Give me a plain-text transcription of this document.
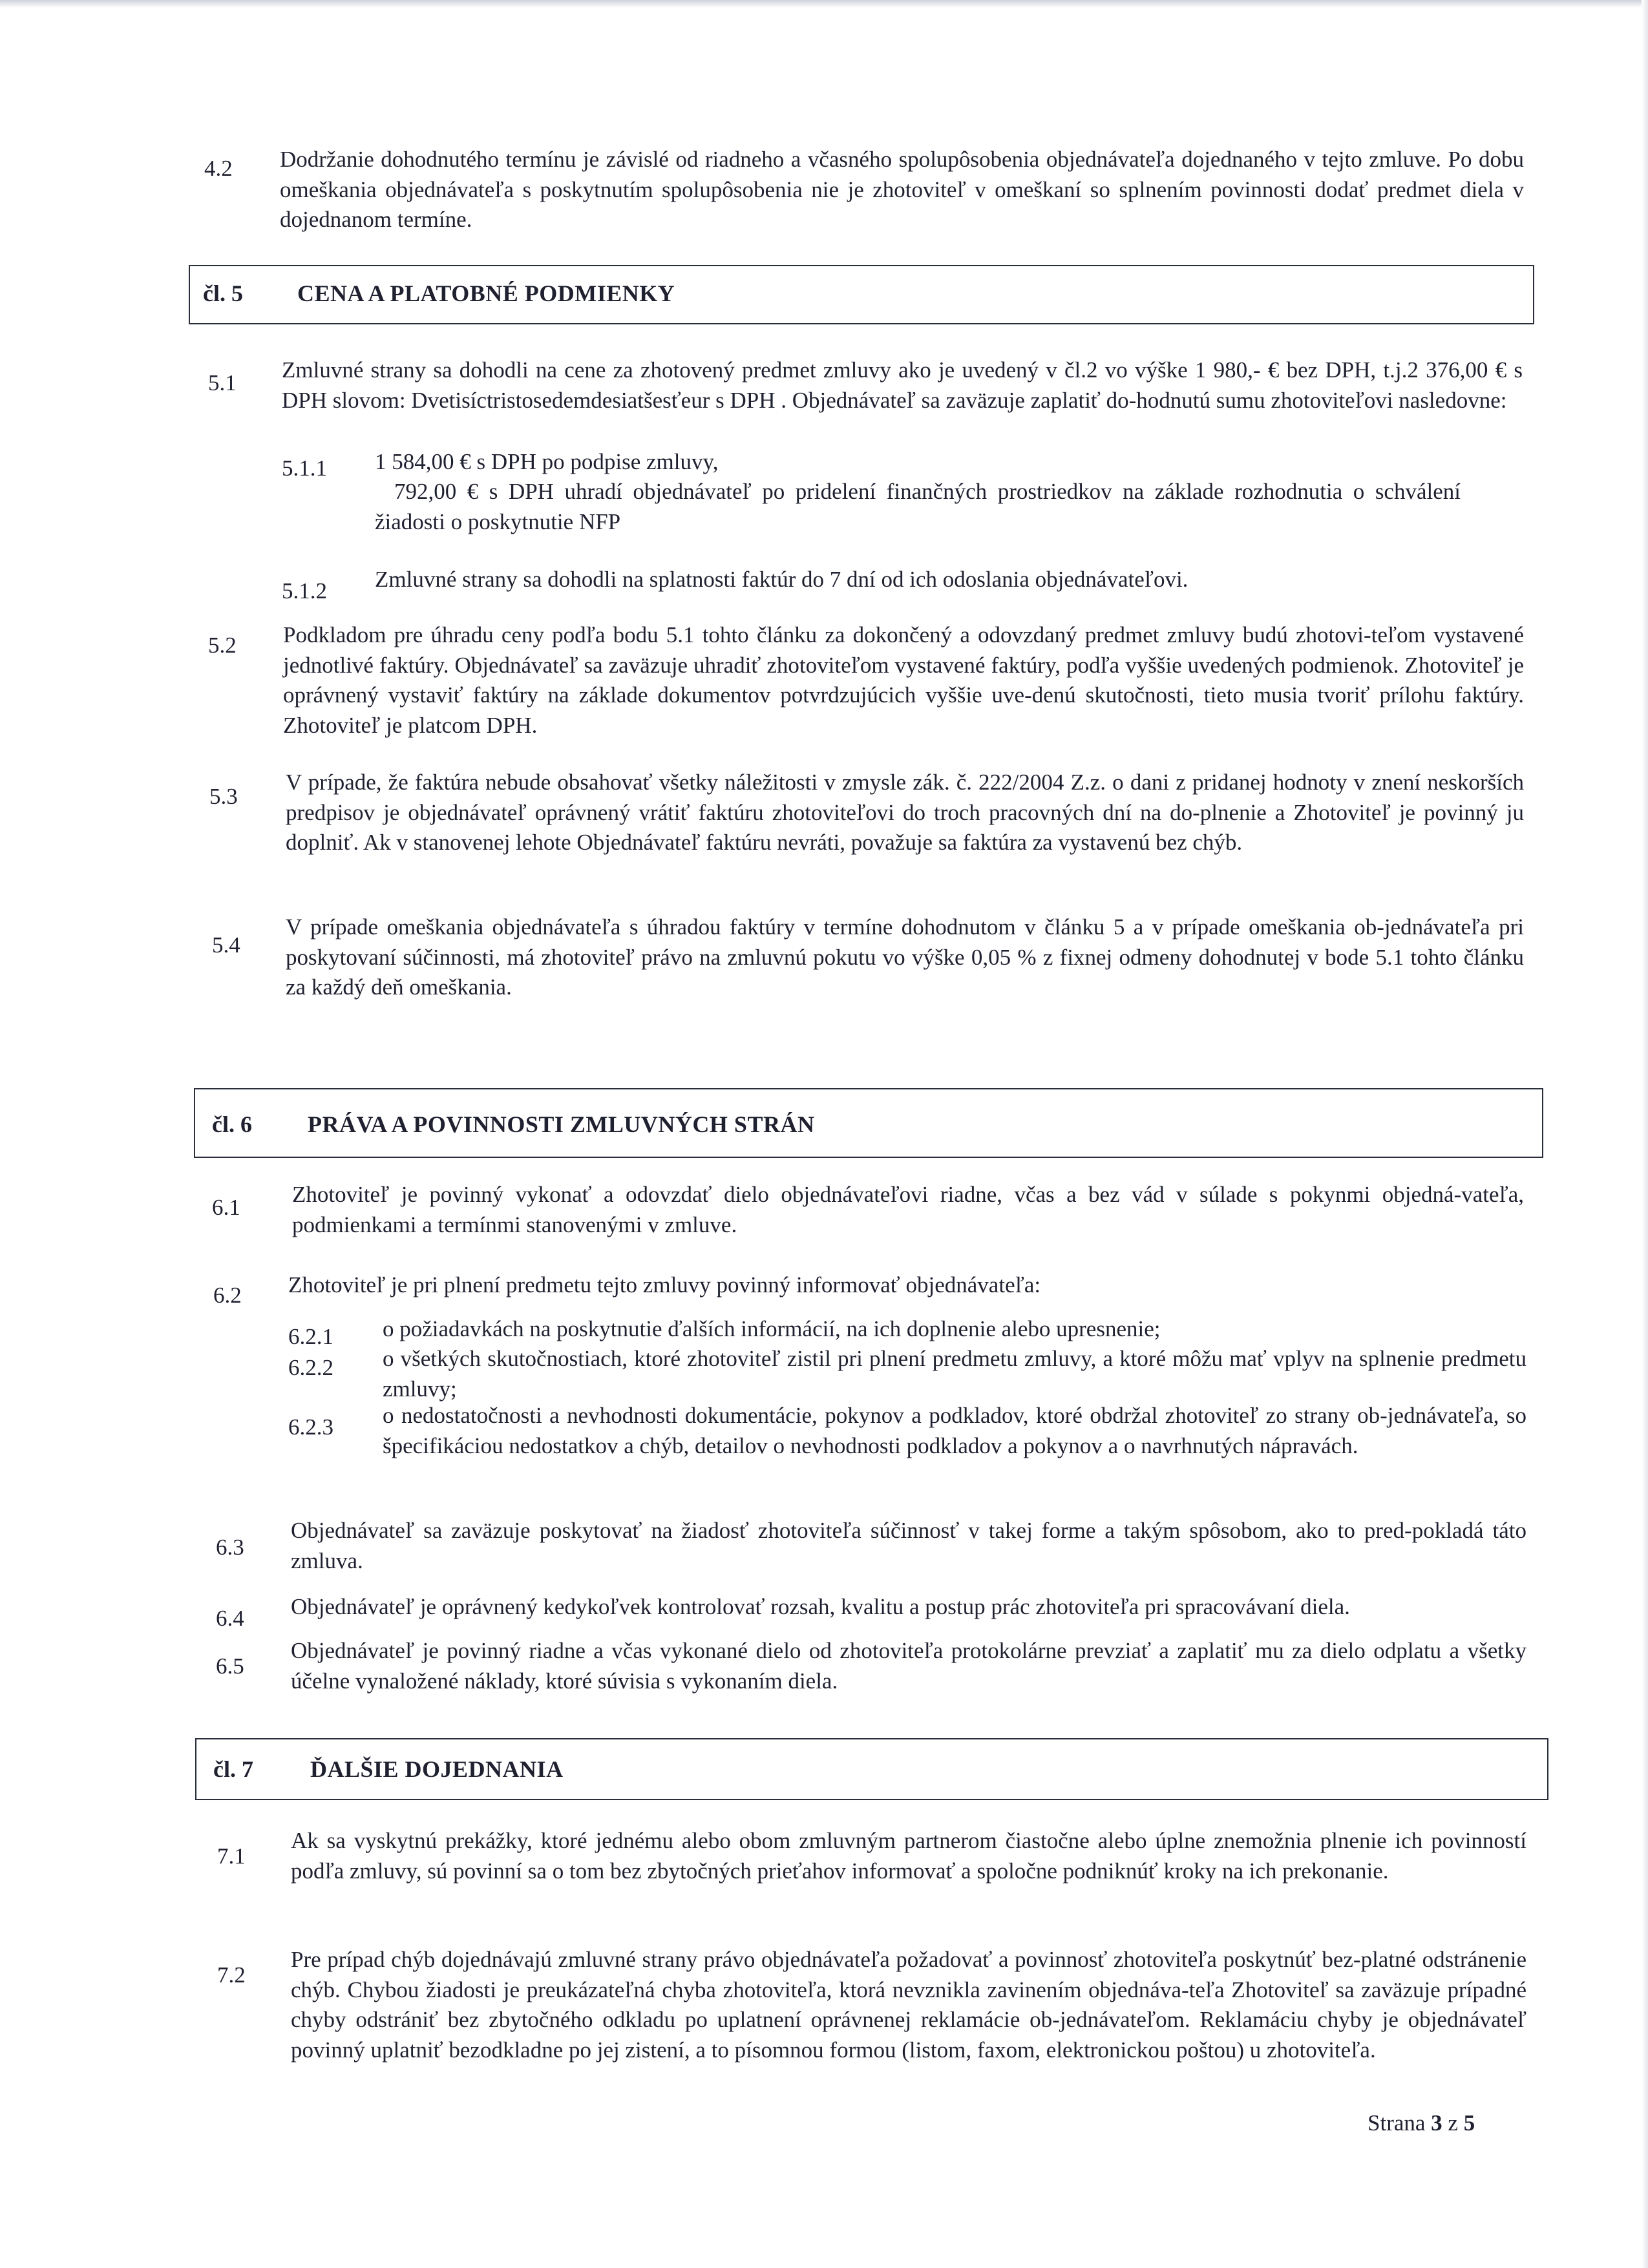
4.2 Dodržanie dohodnutého termínu je závislé od riadneho a včasného spolupôsobenia objednávateľa dojednaného v tejto zmluve. Po dobu omeškania objednávateľa s poskytnutím spolupôsobenia nie je zhotoviteľ v omeškaní so splnením povinnosti dodať predmet diela v dojednanom termíne.
čl. 5 CENA A PLATOBNÉ PODMIENKY
5.1
Zmluvné strany sa dohodli na cene za zhotovený predmet zmluvy ako je uvedený v čl.2 vo výške 1 980,- € bez DPH, t.j.2 376,00 € s DPH slovom: Dvetisíctristosedemdesiatšesťeur s DPH . Objednávateľ sa zaväzuje zaplatiť do-hodnutú sumu zhotoviteľovi nasledovne:
5.1.1 1 584,00 € s DPH po podpise zmluvy,
792,00 € s DPH uhradí objednávateľ po pridelení finančných prostriedkov na základe rozhodnutia o schválení žiadosti o poskytnutie NFP
5.1.2 Zmluvné strany sa dohodli na splatnosti faktúr do 7 dní od ich odoslania objednávateľovi.
5.2 Podkladom pre úhradu ceny podľa bodu 5.1 tohto článku za dokončený a odovzdaný predmet zmluvy budú zhotovi-teľom vystavené jednotlivé faktúry. Objednávateľ sa zaväzuje uhradiť zhotoviteľom vystavené faktúry, podľa vyššie uvedených podmienok. Zhotoviteľ je oprávnený vystaviť faktúry na základe dokumentov potvrdzujúcich vyššie uve-denú skutočnosti, tieto musia tvoriť prílohu faktúry. Zhotoviteľ je platcom DPH.
5.3
V prípade, že faktúra nebude obsahovať všetky náležitosti v zmysle zák. č. 222/2004 Z.z. o dani z pridanej hodnoty v znení neskorších predpisov je objednávateľ oprávnený vrátiť faktúru zhotoviteľovi do troch pracovných dní na do-plnenie a Zhotoviteľ je povinný ju doplniť. Ak v stanovenej lehote Objednávateľ faktúru nevráti, považuje sa faktúra za vystavenú bez chýb.
5.4
V prípade omeškania objednávateľa s úhradou faktúry v termíne dohodnutom v článku 5 a v prípade omeškania ob-jednávateľa pri poskytovaní súčinnosti, má zhotoviteľ právo na zmluvnú pokutu vo výške 0,05 % z fixnej odmeny dohodnutej v bode 5.1 tohto článku za každý deň omeškania.
čl. 6 PRÁVA A POVINNOSTI ZMLUVNÝCH STRÁN
6.1
Zhotoviteľ je povinný vykonať a odovzdať dielo objednávateľovi riadne, včas a bez vád v súlade s pokynmi objedná-vateľa, podmienkami a termínmi stanovenými v zmluve.
6.2 Zhotoviteľ je pri plnení predmetu tejto zmluvy povinný informovať objednávateľa:
6.2.1 o požiadavkách na poskytnutie ďalších informácií, na ich doplnenie alebo upresnenie;
6.2.2 o všetkých skutočnostiach, ktoré zhotoviteľ zistil pri plnení predmetu zmluvy, a ktoré môžu mať vplyv na splnenie predmetu zmluvy;
6.2.3 o nedostatočnosti a nevhodnosti dokumentácie, pokynov a podkladov, ktoré obdržal zhotoviteľ zo strany ob-jednávateľa, so špecifikáciou nedostatkov a chýb, detailov o nevhodnosti podkladov a pokynov a o navrhnutých nápravách.
6.3
Objednávateľ sa zaväzuje poskytovať na žiadosť zhotoviteľa súčinnosť v takej forme a takým spôsobom, ako to pred-pokladá táto zmluva.
6.4 Objednávateľ je oprávnený kedykoľvek kontrolovať rozsah, kvalitu a postup prác zhotoviteľa pri spracovávaní diela.
6.5
Objednávateľ je povinný riadne a včas vykonané dielo od zhotoviteľa protokolárne prevziať a zaplatiť mu za dielo odplatu a všetky účelne vynaložené náklady, ktoré súvisia s vykonaním diela.
čl. 7 ĎALŠIE DOJEDNANIA
7.1
Ak sa vyskytnú prekážky, ktoré jednému alebo obom zmluvným partnerom čiastočne alebo úplne znemožnia plnenie ich povinností podľa zmluvy, sú povinní sa o tom bez zbytočných prieťahov informovať a spoločne podniknúť kroky na ich prekonanie.
7.2
Pre prípad chýb dojednávajú zmluvné strany právo objednávateľa požadovať a povinnosť zhotoviteľa poskytnúť bez-platné odstránenie chýb. Chybou žiadosti je preukázateľná chyba zhotoviteľa, ktorá nevznikla zavinením objednáva-teľa Zhotoviteľ sa zaväzuje prípadné chyby odstrániť bez zbytočného odkladu po uplatnení oprávnenej reklamácie ob-jednávateľom. Reklamáciu chyby je objednávateľ povinný uplatniť bezodkladne po jej zistení, a to písomnou formou (listom, faxom, elektronickou poštou) u zhotoviteľa.
Strana 3 z 5
